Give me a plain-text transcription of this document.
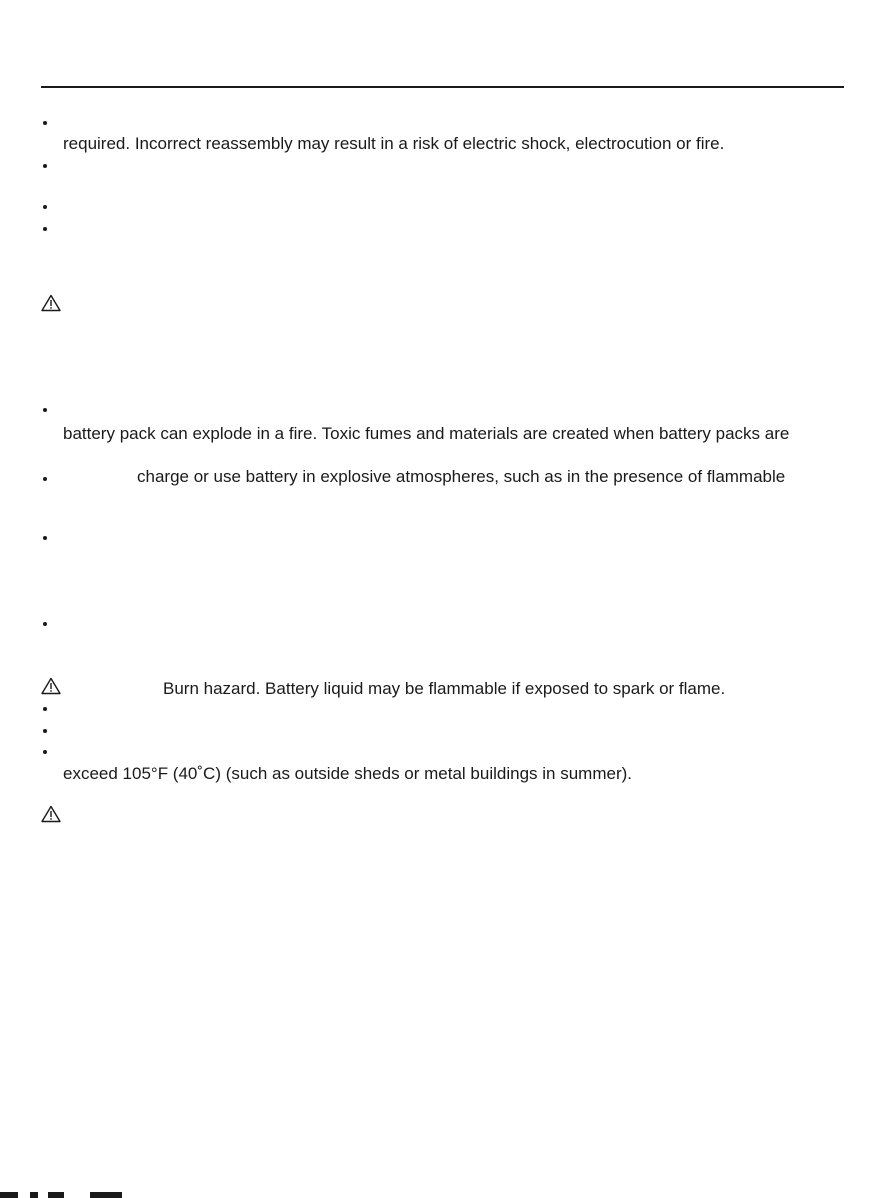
required. Incorrect reassembly may result in a risk of electric shock, electrocution or fire.
battery pack can explode in a fire. Toxic fumes and materials are created when battery packs are
charge or use battery in explosive atmospheres, such as in the presence of flammable
Burn hazard. Battery liquid may be flammable if exposed to spark or flame.
exceed 105°F (40˚C) (such as outside sheds or metal buildings in summer).
